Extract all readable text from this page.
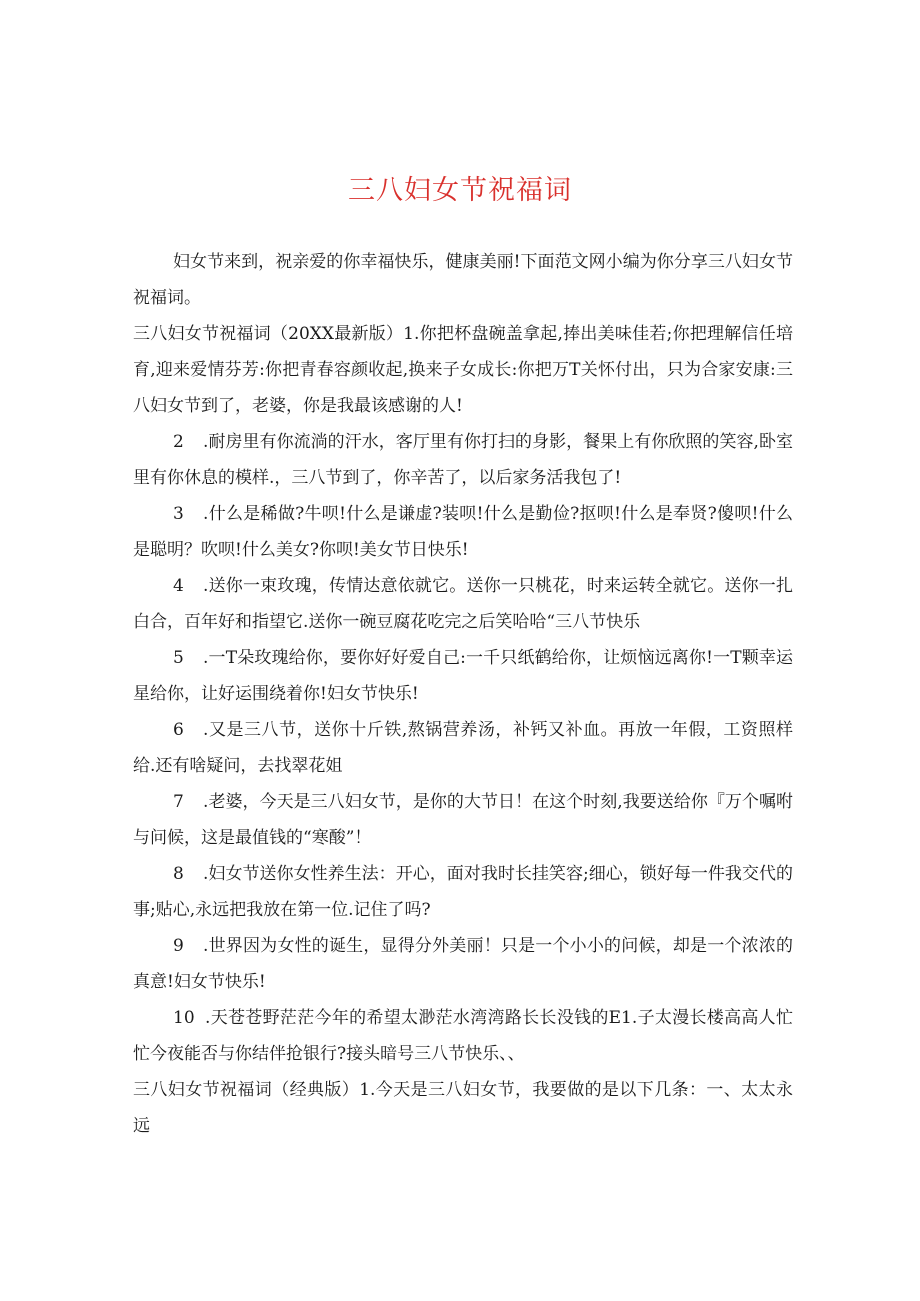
三八妇女节祝福词

妇女节来到，祝亲爱的你幸福快乐，健康美丽!下面范文网小编为你分享三八妇女节祝福词。

三八妇女节祝福词（20XX最新版）1.你把杯盘碗盖拿起,捧出美味佳若;你把理解信任培育,迎来爱情芬芳:你把青春容颜收起,换来子女成长:你把万T关怀付出，只为合家安康:三八妇女节到了，老婆，你是我最该感谢的人!

2 .耐房里有你流淌的汗水，客厅里有你打扫的身影，餐果上有你欣照的笑容,卧室里有你休息的模样.，三八节到了，你辛苦了，以后家务活我包了!

3 .什么是稀做?牛呗!什么是谦虚?装呗!什么是勤俭?抠呗!什么是奉贤?傻呗!什么是聪明？吹呗!什么美女?你呗!美女节日快乐!

4 .送你一束玫瑰，传情达意依就它。送你一只桃花，时来运转全就它。送你一扎白合，百年好和指望它.送你一碗豆腐花吃完之后笑哈哈“三八节快乐

5 .一T朵玫瑰给你，要你好好爱自己:一千只纸鹤给你，让烦恼远离你!一T颗幸运星给你，让好运围绕着你!妇女节快乐!

6 .又是三八节，送你十斤铁,熬锅营养汤，补钙又补血。再放一年假，工资照样给.还有啥疑问，去找翠花姐

7 .老婆，今天是三八妇女节，是你的大节日！在这个时刻,我要送给你『万个嘱咐与问候，这是最值钱的“寒酸”！

8 .妇女节送你女性养生法：开心，面对我时长挂笑容;细心，锁好每一件我交代的事;贴心,永远把我放在第一位.记住了吗?

9 .世界因为女性的诞生，显得分外美丽！只是一个小小的问候，却是一个浓浓的真意!妇女节快乐!

10 .天苍苍野茫茫今年的希望太渺茫水湾湾路长长没钱的E1.子太漫长楼高高人忙忙今夜能否与你结伴抢银行?接头暗号三八节快乐、、

三八妇女节祝福词（经典版）1.今天是三八妇女节，我要做的是以下几条：一、太太永远
